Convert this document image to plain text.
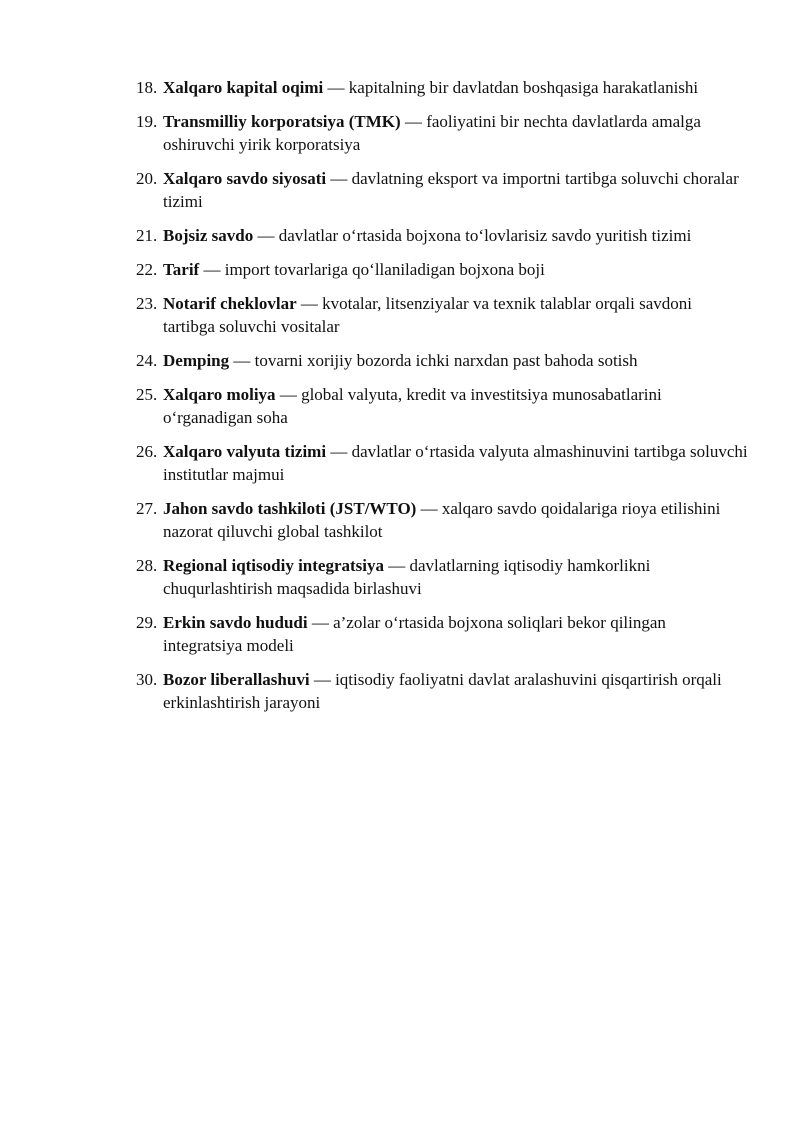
18. Xalqaro kapital oqimi — kapitalning bir davlatdan boshqasiga harakatlanishi
19. Transmilliy korporatsiya (TMK) — faoliyatini bir nechta davlatlarda amalga oshiruvchi yirik korporatsiya
20. Xalqaro savdo siyosati — davlatning eksport va importni tartibga soluvchi choralar tizimi
21. Bojsiz savdo — davlatlar o‘rtasida bojxona to‘lovlarisiz savdo yuritish tizimi
22. Tarif — import tovarlariga qo‘llaniladigan bojxona boji
23. Notarif cheklovlar — kvotalar, litsenziyalar va texnik talablar orqali savdoni tartibga soluvchi vositalar
24. Demping — tovarni xorijiy bozorda ichki narxdan past bahoda sotish
25. Xalqaro moliya — global valyuta, kredit va investitsiya munosabatlarini o‘rganadigan soha
26. Xalqaro valyuta tizimi — davlatlar o‘rtasida valyuta almashinuvini tartibga soluvchi institutlar majmui
27. Jahon savdo tashkiloti (JST/WTO) — xalqaro savdo qoidalariga rioya etilishini nazorat qiluvchi global tashkilot
28. Regional iqtisodiy integratsiya — davlatlarning iqtisodiy hamkorlikni chuqurlashtirish maqsadida birlashuvi
29. Erkin savdo hududi — a’zolar o‘rtasida bojxona soliqlari bekor qilingan integratsiya modeli
30. Bozor liberallashuvi — iqtisodiy faoliyatni davlat aralashuvini qisqartirish orqali erkinlashtirish jarayoni
